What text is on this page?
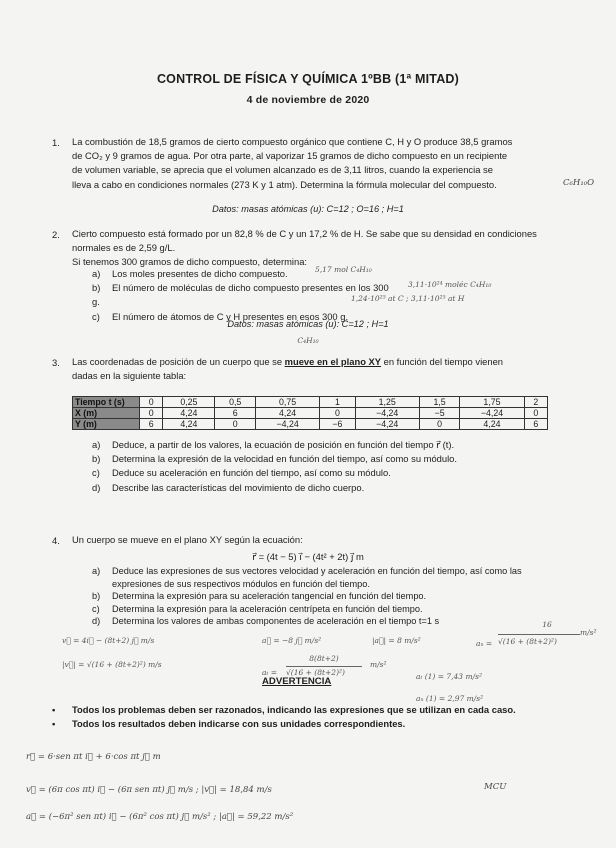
CONTROL DE FÍSICA Y QUÍMICA 1ºBB (1ª MITAD)
4 de noviembre de 2020
1. La combustión de 18,5 gramos de cierto compuesto orgánico que contiene C, H y O produce 38,5 gramos
de CO₂ y 9 gramos de agua. Por otra parte, al vaporizar 15 gramos de dicho compuesto en un recipiente
de volumen variable, se aprecia que el volumen alcanzado es de 3,11 litros, cuando la experiencia se
lleva a cabo en condiciones normales (273 K y 1 atm). Determina la fórmula molecular del compuesto.	C₆H₁₀O
Datos: masas atómicas (u): C=12 ; O=16 ; H=1
2. Cierto compuesto está formado por un 82,8 % de C y un 17,2 % de H. Se sabe que su densidad en condiciones
normales es de 2,59 g/L.
Si tenemos 300 gramos de dicho compuesto, determina:
a) Los moles presentes de dicho compuesto.
b) El número de moléculas de dicho compuesto presentes en los 300 g.
c) El número de átomos de C y H presentes en esos 300 g.
5,17 mol C₄H₁₀
3,11·10²⁴ moléc C₄H₁₀
1,24·10²⁵ at C ; 3,11·10²⁵ at H
Datos: masas atómicas (u): C=12 ; H=1
C₄H₁₀
3. Las coordenadas de posición de un cuerpo que se mueve en el plano XY en función del tiempo vienen
dadas en la siguiente tabla:
Tiempo t (s)	0	0,25	0,5	0,75	1	1,25	1,5	1,75	2
X (m)	0	4,24	6	4,24	0	−4,24	−5	−4,24	0
Y (m)	6	4,24	0	−4,24	−6	−4,24	0	4,24	6
a) Deduce, a partir de los valores, la ecuación de posición en función del tiempo r⃗ (t).
b) Determina la expresión de la velocidad en función del tiempo, así como su módulo.
c) Deduce su aceleración en función del tiempo, así como su módulo.
d) Describe las características del movimiento de dicho cuerpo.
4. Un cuerpo se mueve en el plano XY según la ecuación:
r⃗ = (4t − 5) i⃗ − (4t² + 2t) j⃗ m
a) Deduce las expresiones de sus vectores velocidad y aceleración en función del tiempo, así como las
expresiones de sus respectivos módulos en función del tiempo.
b) Determina la expresión para su aceleración tangencial en función del tiempo.
c) Determina la expresión para la aceleración centrípeta en función del tiempo.
d) Determina los valores de ambas componentes de aceleración en el tiempo t=1 s
v⃗ = 4i⃗ − (8t+2) j⃗ m/s	a⃗ = −8 j⃗ m/s²	|a⃗| = 8 m/s²
|v⃗| = √(16 + (8t+2)²) m/s
aₙ =
16
√(16 + (8t+2)²)
m/s²
aₜ =
8(8t+2)
√(16 + (8t+2)²)
m/s²
aₜ (1) = 7,43 m/s²
aₙ (1) = 2,97 m/s²
ADVERTENCIA
• Todos los problemas deben ser razonados, indicando las expresiones que se utilizan en cada caso.
• Todos los resultados deben indicarse con sus unidades correspondientes.
r⃗ = 6·sen πt i⃗ + 6·cos πt j⃗ m
v⃗ = (6π cos πt) i⃗ − (6π sen πt) j⃗ m/s ; |v⃗| = 18,84 m/s
a⃗ = (−6π² sen πt) i⃗ − (6π² cos πt) j⃗ m/s² ; |a⃗| = 59,22 m/s²
MCU
